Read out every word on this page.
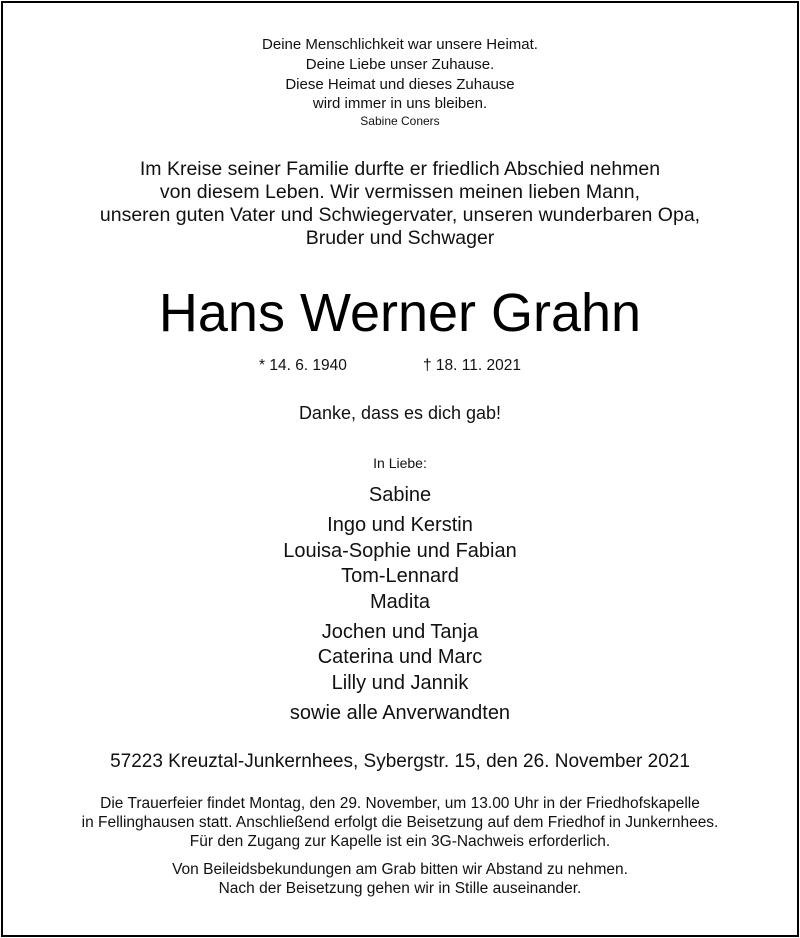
Deine Menschlichkeit war unsere Heimat.
Deine Liebe unser Zuhause.
Diese Heimat und dieses Zuhause
wird immer in uns bleiben.
Sabine Coners
Im Kreise seiner Familie durfte er friedlich Abschied nehmen
von diesem Leben. Wir vermissen meinen lieben Mann,
unseren guten Vater und Schwiegervater, unseren wunderbaren Opa,
Bruder und Schwager
Hans Werner Grahn
* 14. 6. 1940	† 18. 11. 2021
Danke, dass es dich gab!
In Liebe:
Sabine
Ingo und Kerstin
Louisa-Sophie und Fabian
Tom-Lennard
Madita
Jochen und Tanja
Caterina und Marc
Lilly und Jannik
sowie alle Anverwandten
57223 Kreuztal-Junkernhees, Sybergstr. 15, den 26. November 2021
Die Trauerfeier findet Montag, den 29. November, um 13.00 Uhr in der Friedhofskapelle
in Fellinghausen statt. Anschließend erfolgt die Beisetzung auf dem Friedhof in Junkernhees.
Für den Zugang zur Kapelle ist ein 3G-Nachweis erforderlich.
Von Beileidsbekundungen am Grab bitten wir Abstand zu nehmen.
Nach der Beisetzung gehen wir in Stille auseinander.
